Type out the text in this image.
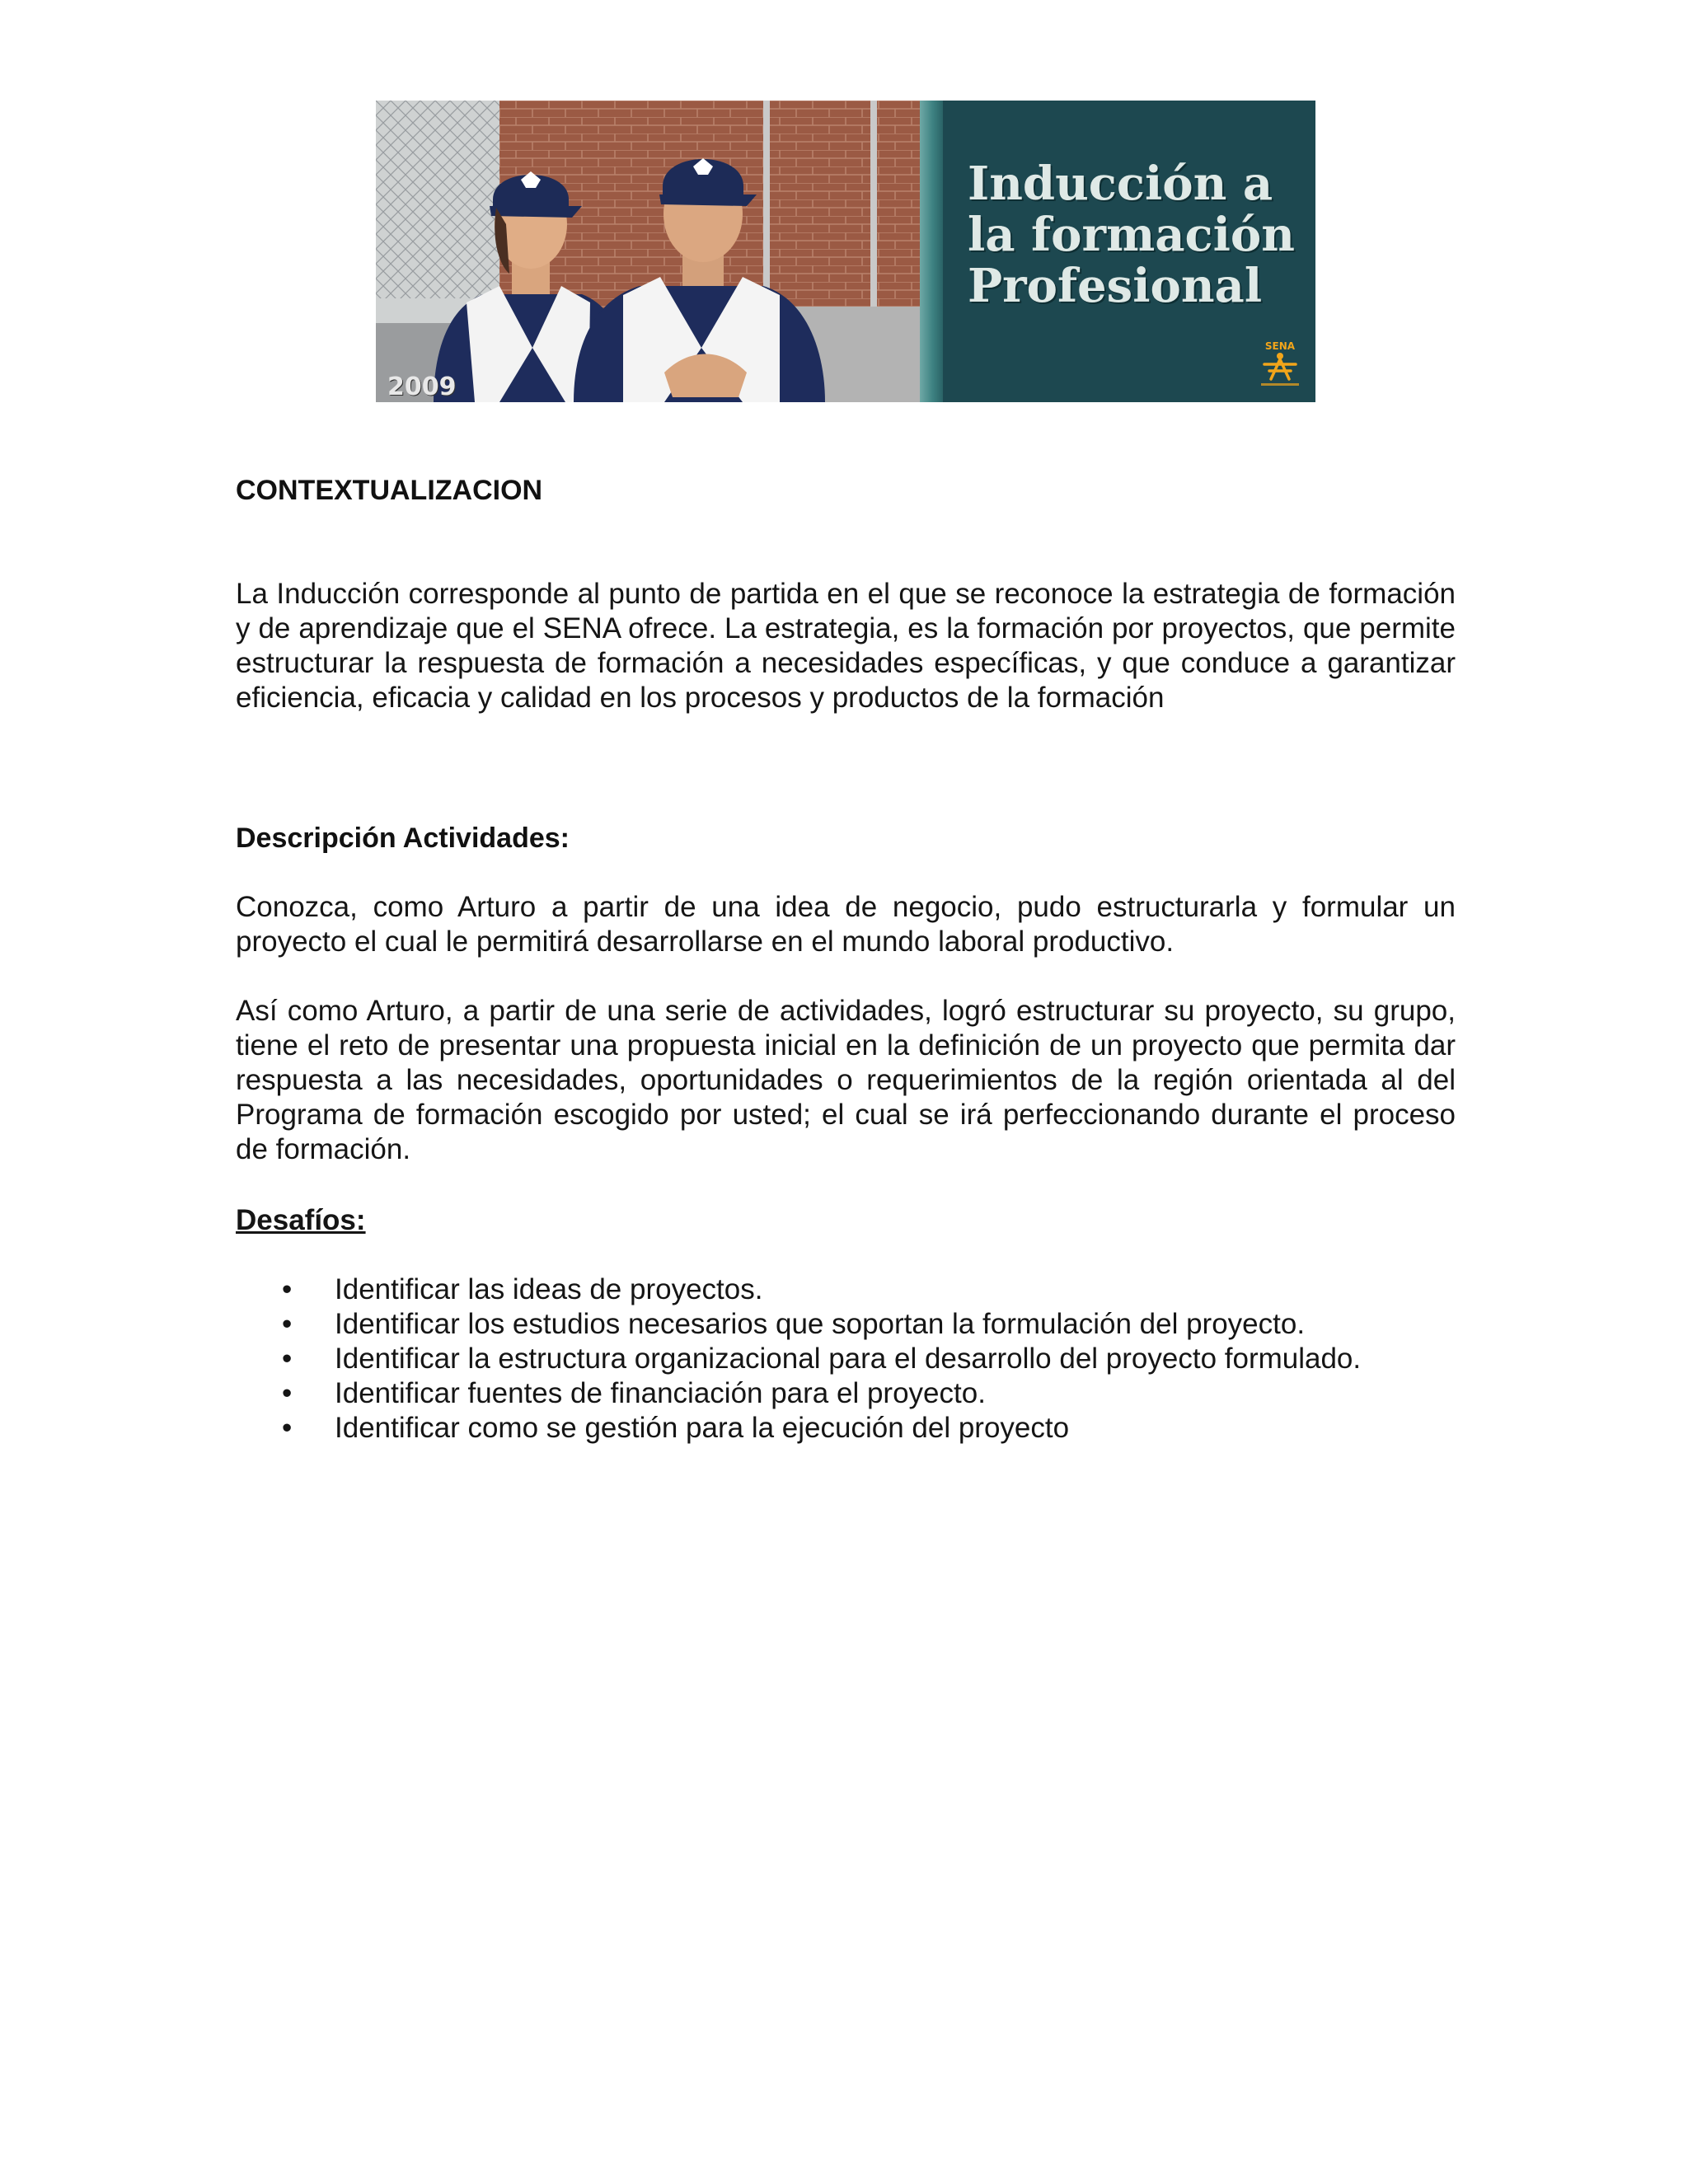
2009
Inducción a
la formación
Profesional
SENA
CONTEXTUALIZACION

La Inducción corresponde al punto de partida en el que se reconoce la estrategia de formación y de aprendizaje que el SENA ofrece. La estrategia, es la formación por proyectos, que permite estructurar la respuesta de formación a necesidades específicas, y que conduce a garantizar eficiencia, eficacia y calidad en los procesos y productos de la formación

Descripción Actividades:

Conozca, como Arturo a partir de una idea de negocio, pudo estructurarla y formular un proyecto el cual le permitirá desarrollarse en el mundo laboral productivo.

Así como Arturo, a partir de una serie de actividades, logró estructurar su proyecto, su grupo, tiene el reto de presentar una propuesta inicial en la definición de un proyecto que permita dar respuesta a las necesidades, oportunidades o requerimientos de la región orientada al del Programa de formación escogido por usted; el cual se irá perfeccionando durante el proceso de formación.

Desafíos:
• Identificar las ideas de proyectos.
• Identificar los estudios necesarios que soportan la formulación del proyecto.
• Identificar la estructura organizacional para el desarrollo del proyecto formulado.
• Identificar fuentes de financiación para el proyecto.
• Identificar como se gestión para la ejecución del proyecto
